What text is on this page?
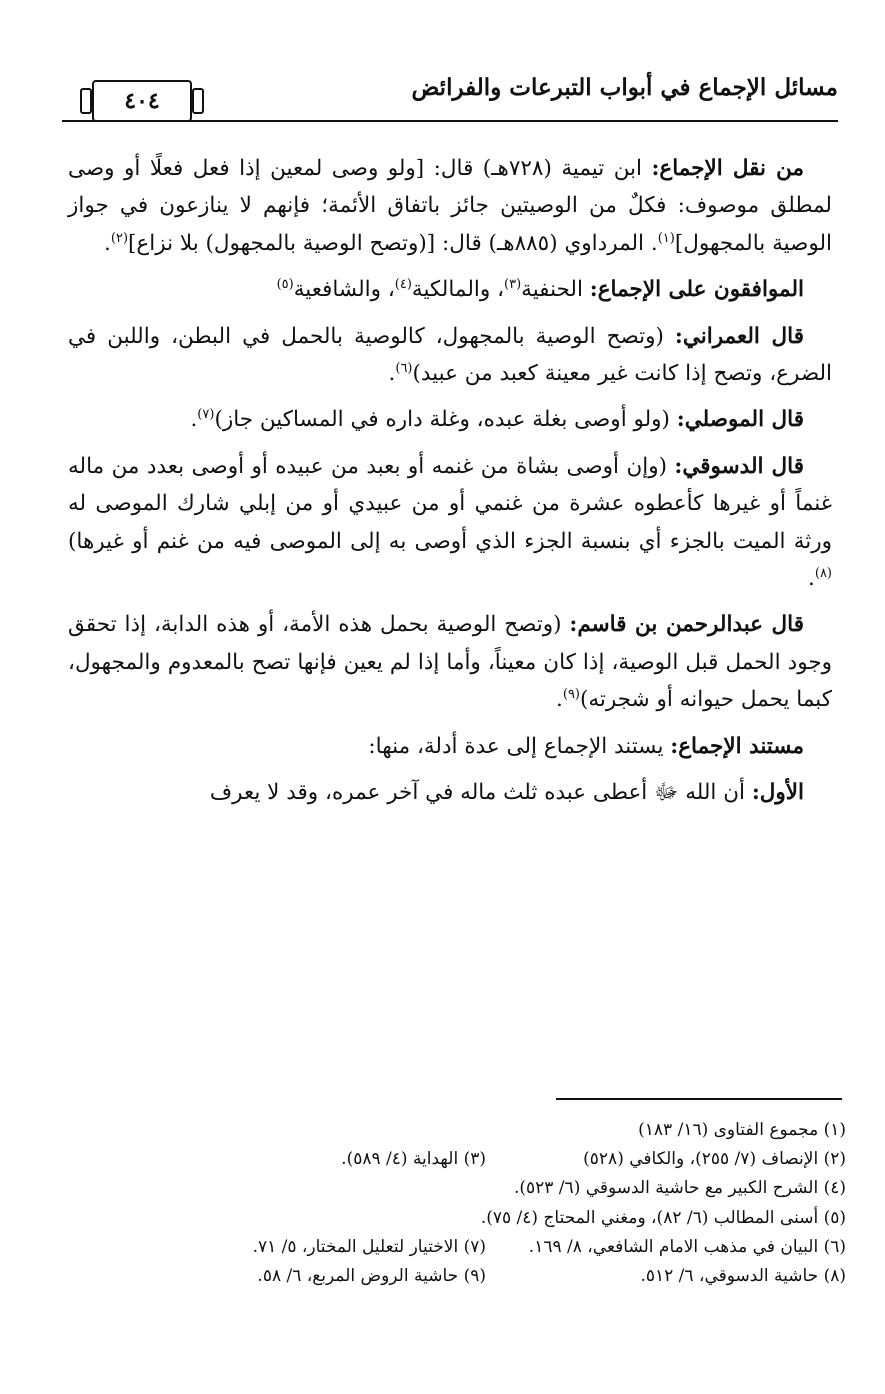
مسائل الإجماع في أبواب التبرعات والفرائض
٤٠٤

من نقل الإجماع: ابن تيمية (٧٢٨هـ) قال: [ولو وصى لمعين إذا فعل فعلًا أو وصى لمطلق موصوف: فكلٌ من الوصيتين جائز باتفاق الأئمة؛ فإنهم لا ينازعون في جواز الوصية بالمجهول]$^{(١)}$. المرداوي (٨٨٥هـ) قال: [(وتصح الوصية بالمجهول) بلا نزاع]$^{(٢)}$.

الموافقون على الإجماع: الحنفية$^{(٣)}$، والمالكية$^{(٤)}$، والشافعية$^{(٥)}$

قال العمراني: (وتصح الوصية بالمجهول، كالوصية بالحمل في البطن، واللبن في الضرع، وتصح إذا كانت غير معينة كعبد من عبيد)$^{(٦)}$.

قال الموصلي: (ولو أوصى بغلة عبده، وغلة داره في المساكين جاز)$^{(٧)}$.

قال الدسوقي: (وإن أوصى بشاة من غنمه أو بعبد من عبيده أو أوصى بعدد من ماله غنماً أو غيرها كأعطوه عشرة من غنمي أو من عبيدي أو من إبلي شارك الموصى له ورثة الميت بالجزء أي بنسبة الجزء الذي أوصى به إلى الموصى فيه من غنم أو غيرها)$^{(٨)}$.

قال عبدالرحمن بن قاسم: (وتصح الوصية بحمل هذه الأمة، أو هذه الدابة، إذا تحقق وجود الحمل قبل الوصية، إذا كان معيناً، وأما إذا لم يعين فإنها تصح بالمعدوم والمجهول، كبما يحمل حيوانه أو شجرته)$^{(٩)}$.

مستند الإجماع: يستند الإجماع إلى عدة أدلة، منها:

الأول: أن الله ﷻ أعطى عبده ثلث ماله في آخر عمره، وقد لا يعرف

(١) مجموع الفتاوى (١٦/ ١٨٣)
(٢) الإنصاف (٧/ ٢٥٥)، والكافي (٥٢٨)
(٣) الهداية (٤/ ٥٨٩).
(٤) الشرح الكبير مع حاشية الدسوقي (٦/ ٥٢٣).
(٥) أسنى المطالب (٦/ ٨٢)، ومغني المحتاج (٤/ ٧٥).
(٦) البيان في مذهب الامام الشافعي، ٨/ ١٦٩.
(٧) الاختيار لتعليل المختار، ٥/ ٧١.
(٨) حاشية الدسوقي، ٦/ ٥١٢.
(٩) حاشية الروض المربع، ٦/ ٥٨.
